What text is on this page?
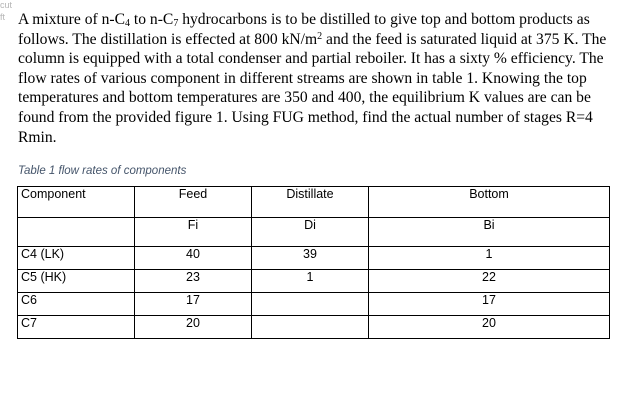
cut
ft A mixture of $n-C_4$ to $n-C_7$ hydrocarbons is to be distilled to give top and bottom products as follows. The distillation is effected at 800 $kN/m^2$ and the feed is saturated liquid at 375 K. The column is equipped with a total condenser and partial reboiler. It has a sixty % efficiency. The flow rates of various component in different streams are shown in table 1. Knowing the top temperatures and bottom temperatures are 350 and 400, the equilibrium K values are can be found from the provided figure 1. Using FUG method, find the actual number of stages R=4 Rmin.
Table 1 flow rates of components
Component	Feed	Distillate	Bottom
	Fi	Di	Bi
C4 (LK)	40	39	1
C5 (HK)	23	1	22
C6	17		17
C7	20		20
